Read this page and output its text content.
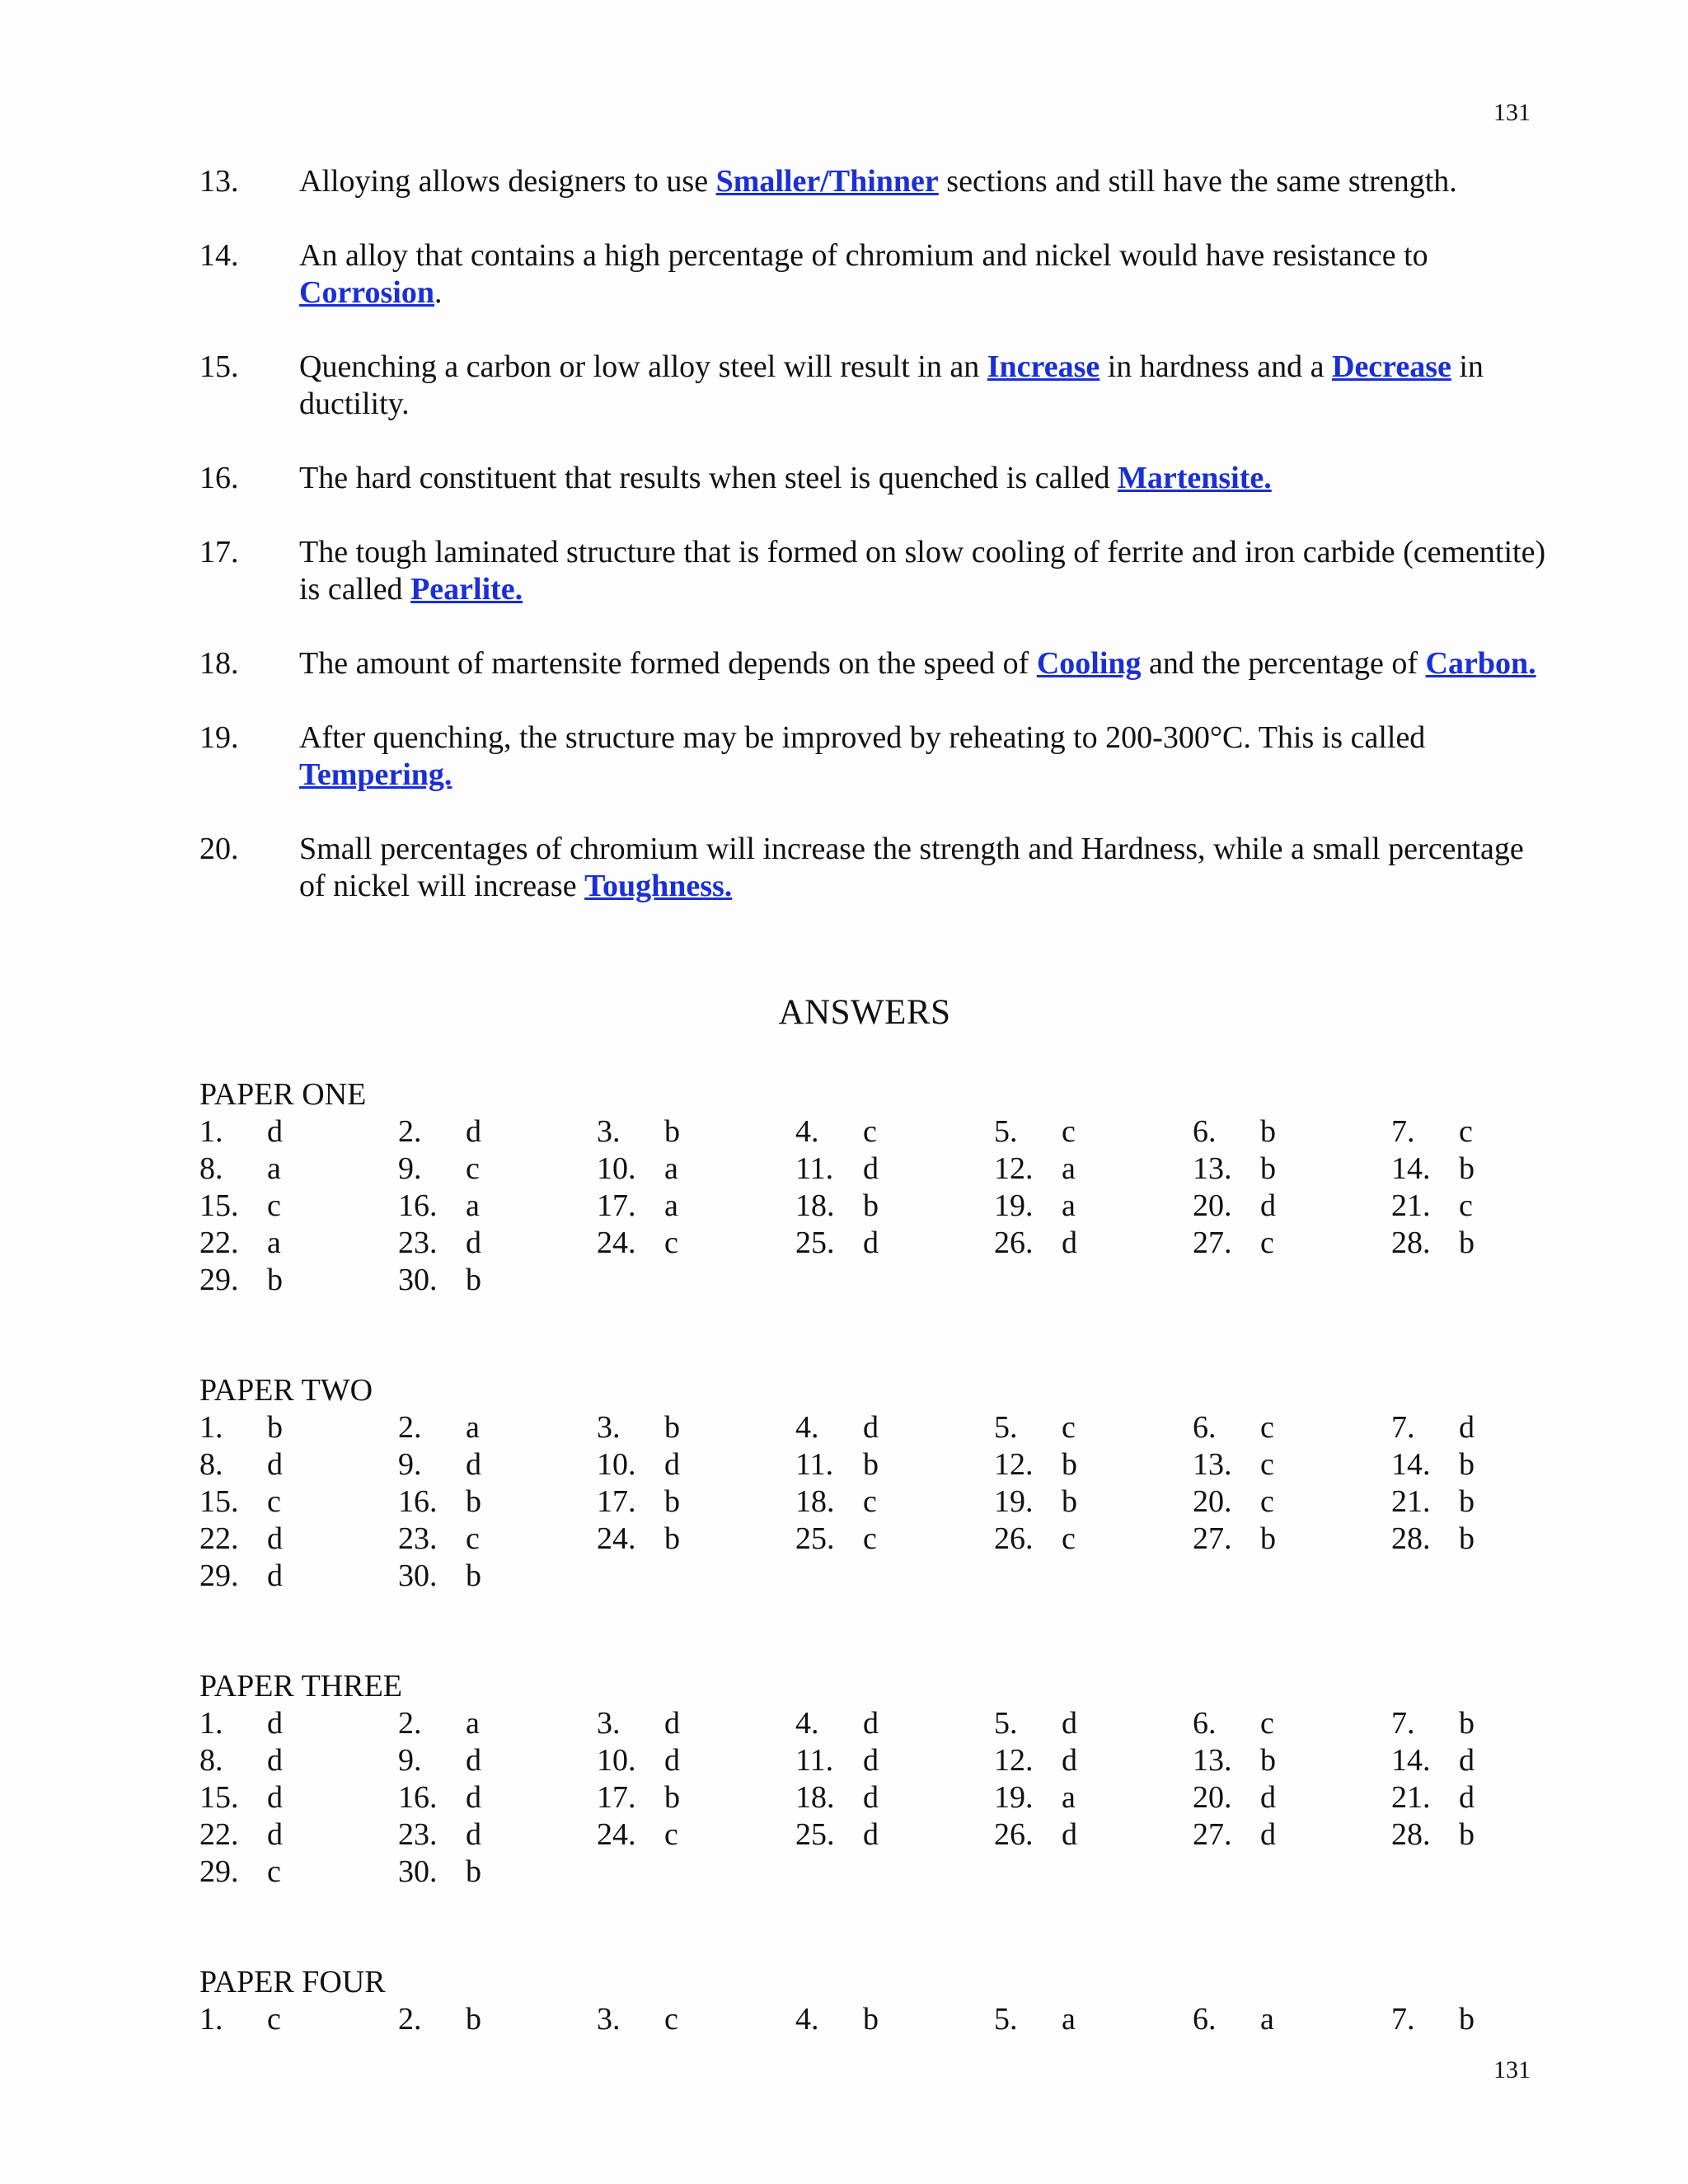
131
13.	Alloying allows designers to use Smaller/Thinner sections and still have the same strength.
14.	An alloy that contains a high percentage of chromium and nickel would have resistance to Corrosion.
15.	Quenching a carbon or low alloy steel will result in an Increase in hardness and a Decrease in ductility.
16.	The hard constituent that results when steel is quenched is called Martensite.
17.	The tough laminated structure that is formed on slow cooling of ferrite and iron carbide (cementite) is called Pearlite.
18.	The amount of martensite formed depends on the speed of Cooling and the percentage of Carbon.
19.	After quenching, the structure may be improved by reheating to 200-300°C. This is called Tempering.
20.	Small percentages of chromium will increase the strength and Hardness, while a small percentage of nickel will increase Toughness.
ANSWERS
PAPER ONE
1.	d	2.	d	3.	b	4.	c	5.	c	6.	b	7.	c
8.	a	9.	c	10. a	11. d	12. a	13. b	14. b
15. c	16. a	17. a	18. b	19. a	20. d	21. c
22. a	23. d	24. c	25. d	26. d	27. c	28. b
29. b	30. b
PAPER TWO
1.	b	2.	a	3.	b	4.	d	5.	c	6.	c	7.	d
8.	d	9.	d	10. d	11. b	12. b	13. c	14. b
15. c	16. b	17. b	18. c	19. b	20. c	21. b
22. d	23. c	24. b	25. c	26. c	27. b	28. b
29. d	30. b
PAPER THREE
1.	d	2.	a	3.	d	4.	d	5.	d	6.	c	7.	b
8.	d	9.	d	10. d	11. d	12. d	13. b	14. d
15. d	16. d	17. b	18. d	19. a	20. d	21. d
22. d	23. d	24. c	25. d	26. d	27. d	28. b
29. c	30. b
PAPER FOUR
1.	c	2.	b	3.	c	4.	b	5.	a	6.	a	7.	b
131
